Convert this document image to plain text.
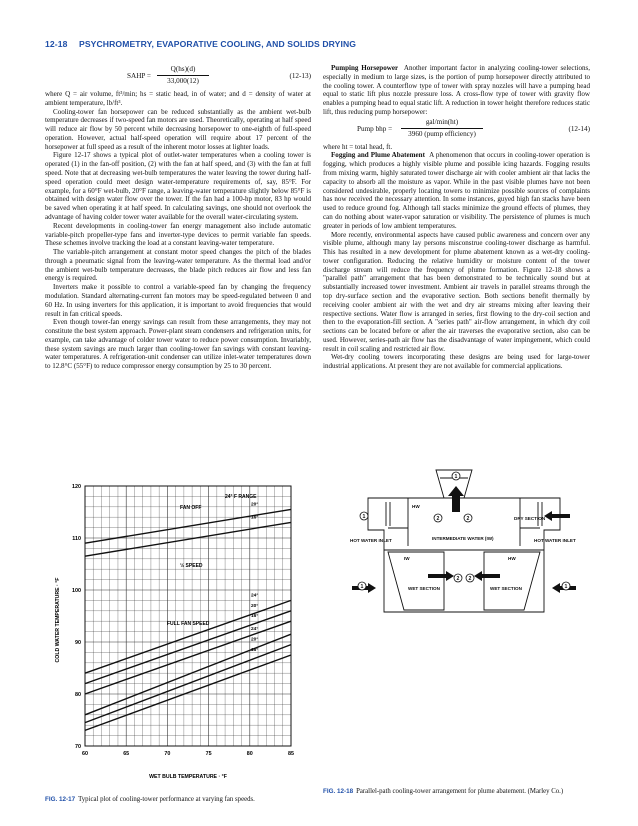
12-18 PSYCHROMETRY, EVAPORATIVE COOLING, AND SOLIDS DRYING
SAHP =
Q(hs)(d)
33,000(12)
(12-13)

where Q = air volume, ft³/min; hs = static head, in of water; and d = density of water at ambient temperature, lb/ft³.

Cooling-tower fan horsepower can be reduced substantially as the ambient wet-bulb temperature decreases if two-speed fan motors are used. Theoretically, operating at half speed will reduce air flow by 50 percent while decreasing horsepower to one-eighth of full-speed operation. However, actual half-speed operation will require about 17 percent of the horsepower at full speed as a result of the inherent motor losses at lighter loads.

Figure 12-17 shows a typical plot of outlet-water temperatures when a cooling tower is operated (1) in the fan-off position, (2) with the fan at half speed, and (3) with the fan at full speed. Note that at decreasing wet-bulb temperatures the water leaving the tower during half-speed operation could meet design water-temperature requirements of, say, 85°F. For example, for a 60°F wet-bulb, 20°F range, a leaving-water temperature slightly below 85°F is obtained with design water flow over the tower. If the fan had a 100-hp motor, 83 hp would be saved when operating it at half speed. In calculating savings, one should not overlook the advantage of having colder tower water available for the overall water-circulating system.

Recent developments in cooling-tower fan energy management also include automatic variable-pitch propeller-type fans and inverter-type devices to permit variable fan speeds. These schemes involve tracking the load at a constant leaving-water temperature.

The variable-pitch arrangement at constant motor speed changes the pitch of the blades through a pneumatic signal from the leaving-water temperature. As the thermal load and/or the ambient wet-bulb temperature decreases, the blade pitch reduces air flow and less fan energy is required.

Inverters make it possible to control a variable-speed fan by changing the frequency modulation. Standard alternating-current fan motors may be speed-regulated between 0 and 60 Hz. In using inverters for this application, it is important to avoid frequencies that would result in fan critical speeds.

Even though tower-fan energy savings can result from these arrangements, they may not constitute the best system approach. Power-plant steam condensers and refrigeration units, for example, can take advantage of colder tower water to reduce power consumption. Invariably, these system savings are much larger than cooling-tower fan savings with constant leaving-water temperatures. A refrigeration-unit condenser can utilize inlet-water temperatures down to 12.8°C (55°F) to reduce compressor energy consumption by 25 to 30 percent.

Pumping Horsepower Another important factor in analyzing cooling-tower selections, especially in medium to large sizes, is the portion of pump horsepower directly attributed to the cooling tower. A counterflow type of tower with spray nozzles will have a pumping head equal to static lift plus nozzle pressure loss. A cross-flow type of tower with gravity flow enables a pumping head to equal static lift. A reduction in tower height therefore reduces static lift, thus reducing pump horsepower:

Pump bhp =
gal/min(ht)
3960 (pump efficiency)
(12-14)

where ht = total head, ft.

Fogging and Plume Abatement A phenomenon that occurs in cooling-tower operation is fogging, which produces a highly visible plume and possible icing hazards. Fogging results from mixing warm, highly saturated tower discharge air with cooler ambient air that lacks the capacity to absorb all the moisture as vapor. While in the past visible plumes have not been considered undesirable, properly locating towers to minimize possible sources of complaints has now received the necessary attention. In some instances, guyed high fan stacks have been used to reduce ground fog. Although tall stacks minimize the ground effects of plumes, they can do nothing about water-vapor saturation or visibility. The persistence of plumes is much greater in periods of low ambient temperatures.

More recently, environmental aspects have caused public awareness and concern over any visible plume, although many lay persons misconstrue cooling-tower discharge as harmful. This has resulted in a new development for plume abatement known as a wet-dry cooling-tower configuration. Reducing the relative humidity or moisture content of the tower discharge stream will reduce the frequency of plume formation. Figure 12-18 shows a "parallel path" arrangement that has been demonstrated to be technically sound but at substantially increased tower investment. Ambient air travels in parallel streams through the top dry-surface section and the evaporative section. Both sections benefit thermally by receiving cooler ambient air with the wet and dry air streams mixing after leaving their respective sections. Water flow is arranged in series, first flowing to the dry-coil section and then to the evaporation-fill section. A "series path" air-flow arrangement, in which dry coil sections can be located before or after the air traverses the evaporative section, also can be used. However, series-path air flow has the disadvantage of water impingement, which could result in coil scaling and restricted air flow.

Wet-dry cooling towers incorporating these designs are being used for large-tower industrial applications. At present they are not available for commercial applications.

60	65	70	75	80	85
70
80
90
100
110
120
COLD WATER TEMPERATURE · °F
WET BULB TEMPERATURE · °F
24° F RANGE
FAN OFF
½ SPEED
FULL FAN SPEED
20°
16°
24°
20°
16°
24°
20°
16°
FIG. 12-17 Typical plot of cooling-tower performance at varying fan speeds.
1
1	2	2
1
2 2
1
DRY SECTION
INTERMEDIATE WATER (IW)
HOT WATER INLET	HOT WATER INLET
WET SECTION	WET SECTION
HW
IW	HW
FIG. 12-18 Parallel-path cooling-tower arrangement for plume abatement. (Marley Co.)
